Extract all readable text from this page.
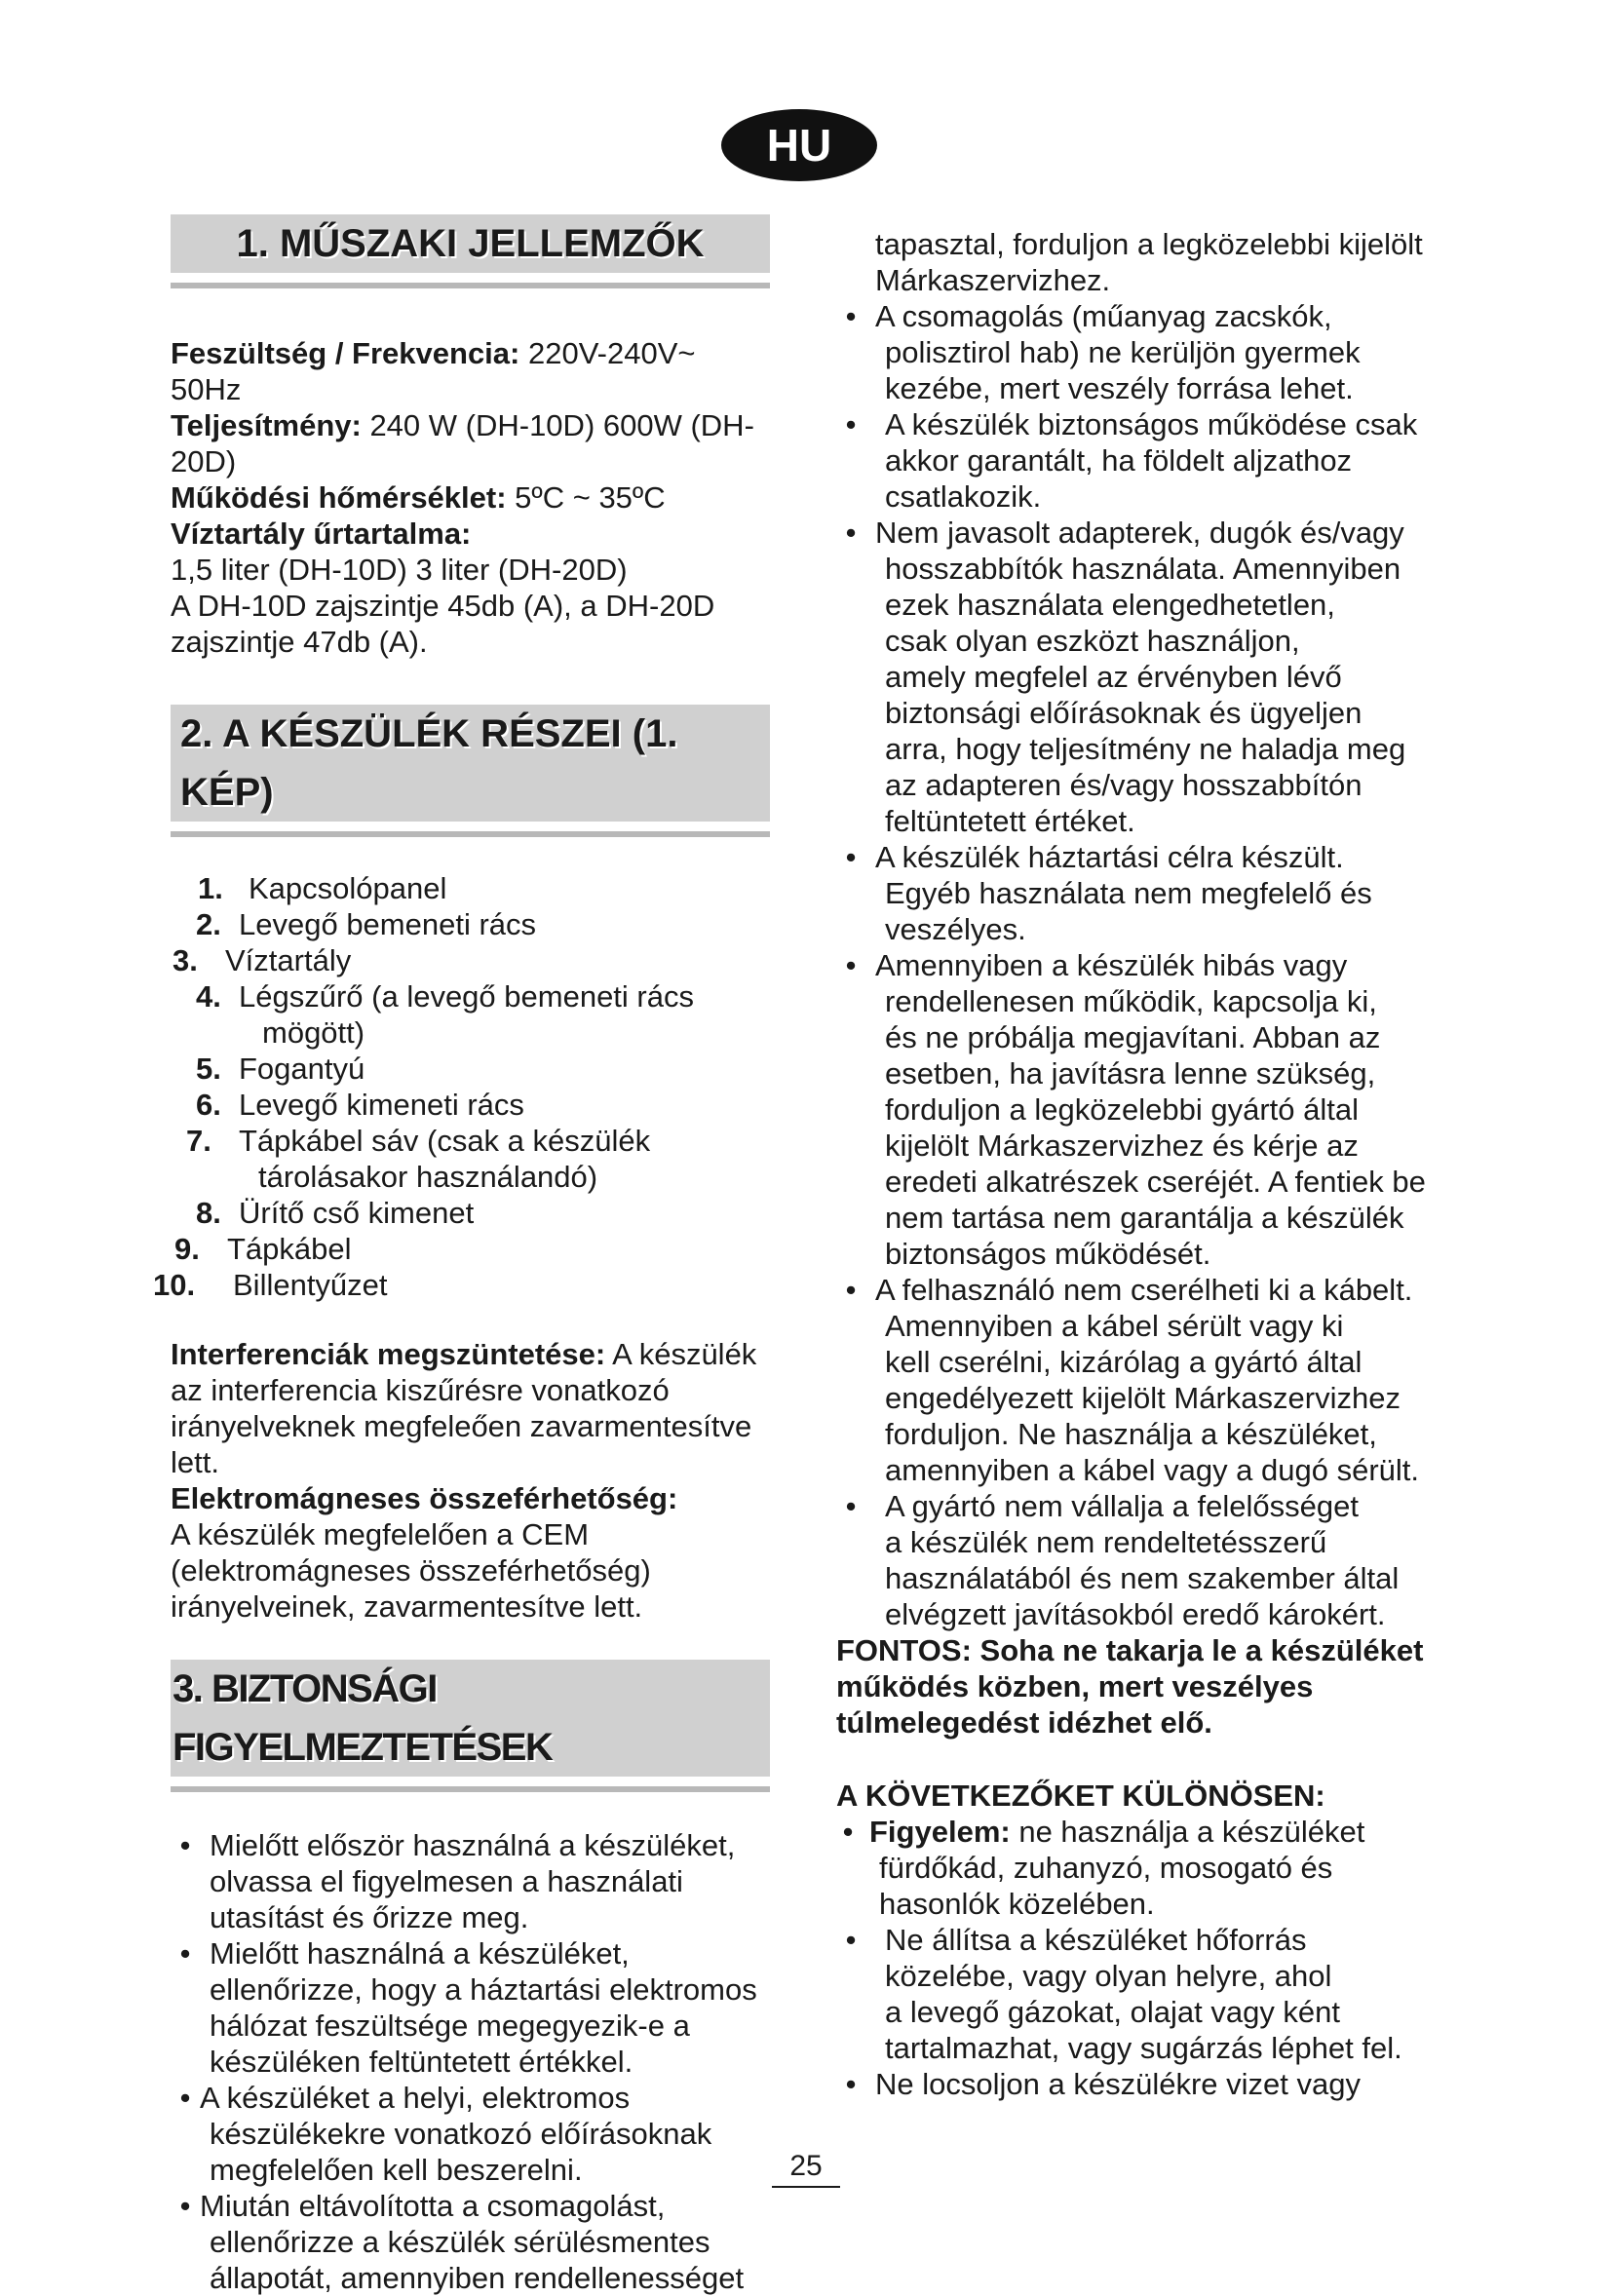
HU
1. MŰSZAKI JELLEMZŐK

Feszültség / Frekvencia: 220V-240V~ 50Hz

Teljesítmény: 240 W (DH-10D) 600W (DH-20D)

Működési hőmérséklet: 5ºC ~ 35ºC

Víztartály űrtartalma:

1,5 liter (DH-10D) 3 liter (DH-20D)

A DH-10D zajszintje 45db (A), a DH-20D

zajszintje 47db (A).

2. A KÉSZÜLÉK RÉSZEI (1. KÉP)
1. Kapcsolópanel
2. Levegő bemeneti rács
3. Víztartály
4. Légszűrő (a levegő bemeneti rács
mögött)
5. Fogantyú
6. Levegő kimeneti rács
7. Tápkábel sáv (csak a készülék
tárolásakor használandó)
8. Ürítő cső kimenet
9. Tápkábel
10.	Billentyűzet

Interferenciák megszüntetése: A készülék

az interferencia kiszűrésre vonatkozó

irányelveknek megfeleően zavarmentesítve

lett.

Elektromágneses összeférhetőség:

A készülék megfelelően a CEM

(elektromágneses összeférhetőség)

irányelveinek, zavarmentesítve lett.

3. BIZTONSÁGI FIGYELMEZTETÉSEK
• Mielőtt először használná a készüléket,
olvassa el figyelmesen a használati
utasítást és őrizze meg.
• Mielőtt használná a készüléket,
ellenőrizze, hogy a háztartási elektromos
hálózat feszültsége megegyezik-e a
készüléken feltüntetett értékkel.
• A készüléket a helyi, elektromos
készülékekre vonatkozó előírásoknak
megfelelően kell beszerelni.
• Miután eltávolította a csomagolást,
ellenőrizze a készülék sérülésmentes
állapotát, amennyiben rendellenességet

tapasztal, forduljon a legközelebbi kijelölt

Márkaszervizhez.

• A csomagolás (műanyag zacskók,
polisztirol hab) ne kerüljön gyermek
kezébe, mert veszély forrása lehet.
• A készülék biztonságos működése csak
akkor garantált, ha földelt aljzathoz
csatlakozik.
• Nem javasolt adapterek, dugók és/vagy
hosszabbítók használata. Amennyiben
ezek használata elengedhetetlen,
csak olyan eszközt használjon,
amely megfelel az érvényben lévő
biztonsági előírásoknak és ügyeljen
arra, hogy teljesítmény ne haladja meg
az adapteren és/vagy hosszabbítón
feltüntetett értéket.
• A készülék háztartási célra készült.
Egyéb használata nem megfelelő és
veszélyes.
• Amennyiben a készülék hibás vagy
rendellenesen működik, kapcsolja ki,
és ne próbálja megjavítani. Abban az
esetben, ha javításra lenne szükség,
forduljon a legközelebbi gyártó által
kijelölt Márkaszervizhez és kérje az
eredeti alkatrészek cseréjét. A fentiek be
nem tartása nem garantálja a készülék
biztonságos működését.
• A felhasználó nem cserélheti ki a kábelt.
Amennyiben a kábel sérült vagy ki
kell cserélni, kizárólag a gyártó által
engedélyezett kijelölt Márkaszervizhez
forduljon. Ne használja a készüléket,
amennyiben a kábel vagy a dugó sérült.
• A gyártó nem vállalja a felelősséget
a készülék nem rendeltetésszerű
használatából és nem szakember által
elvégzett javításokból eredő károkért.

FONTOS: Soha ne takarja le a készüléket

működés közben, mert veszélyes

túlmelegedést idézhet elő.

A KÖVETKEZŐKET KÜLÖNÖSEN:

• Figyelem: ne használja a készüléket
fürdőkád, zuhanyzó, mosogató és
hasonlók közelében.
• Ne állítsa a készüléket hőforrás
közelébe, vagy olyan helyre, ahol
a levegő gázokat, olajat vagy ként
tartalmazhat, vagy sugárzás léphet fel.
• Ne locsoljon a készülékre vizet vagy
25
